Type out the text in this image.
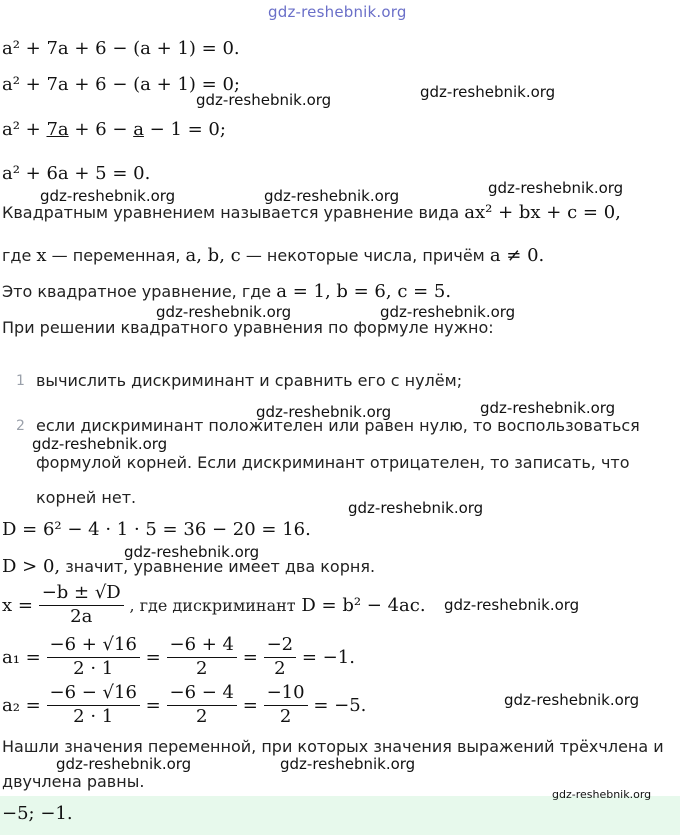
gdz-reshebnik.org
a² + 7a + 6 − (a + 1) = 0.
a² + 7a + 6 − (a + 1) = 0;
a² + 7a + 6 − a − 1 = 0;
a² + 6a + 5 = 0.
gdz-reshebnik.org	gdz-reshebnik.org
gdz-reshebnik.org	gdz-reshebnik.org	gdz-reshebnik.org
Квадратным уравнением называется уравнение вида ax² + bx + c = 0,
где x — переменная, a, b, c — некоторые числа, причём a ≠ 0.
Это квадратное уравнение, где a = 1, b = 6, c = 5.
gdz-reshebnik.org	gdz-reshebnik.org
При решении квадратного уравнения по формуле нужно:
1 вычислить дискриминант и сравнить его с нулём;
gdz-reshebnik.org	gdz-reshebnik.org
2 если дискриминант положителен или равен нулю, то воспользоваться
gdz-reshebnik.org
формулой корней. Если дискриминант отрицателен, то записать, что
корней нет.
gdz-reshebnik.org
D = 6² − 4 · 1 · 5 = 36 − 20 = 16.
gdz-reshebnik.org
D > 0, значит, уравнение имеет два корня.
$x = \frac{-b \pm √D}{2a}$ , где дискриминант D = b² − 4ac. gdz-reshebnik.org
$a_1 = \frac{-6 + √16}{2 \cdot 1} = \frac{-6 + 4}{2} = \frac{-2}{2} = -1$.
$a_2 = \frac{-6 - √16}{2 \cdot 1} = \frac{-6 - 4}{2} = \frac{-10}{2} = -5$.	gdz-reshebnik.org
Нашли значения переменной, при которых значения выражений трёхчлена и
gdz-reshebnik.org	gdz-reshebnik.org
двучлена равны.
−5; −1.
gdz-reshebnik.org
